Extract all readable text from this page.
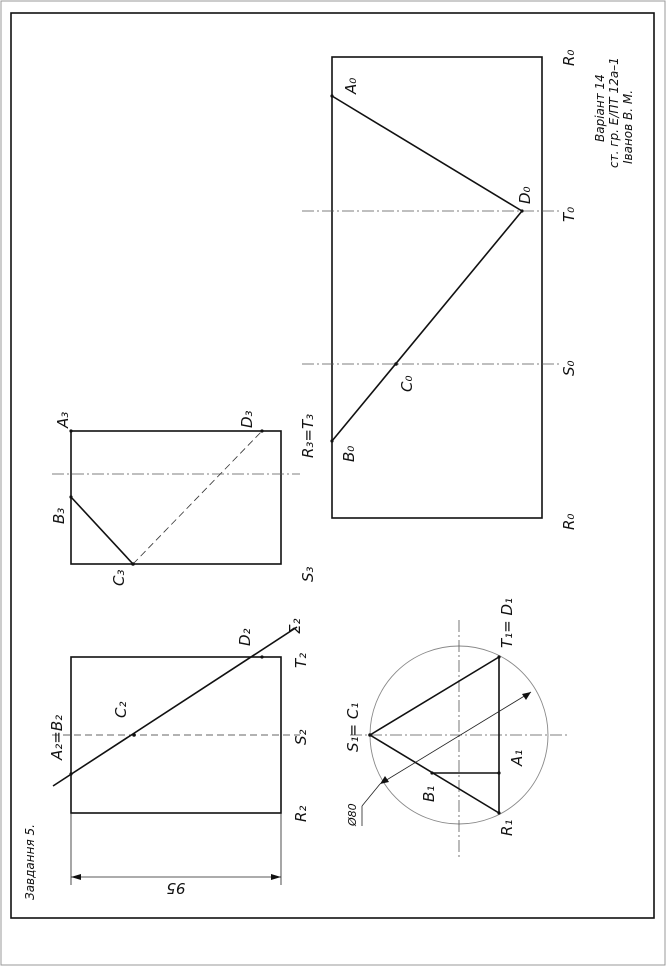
A₀
D₀
C₀
B₀
R₀
T₀
S₀
R₀
Варіант 14 ст. гр. Е/ПТ 12а–1 Іванов В. М.
A₃
B₃
C₃
D₃	R₃=T₃
S₃
95
A₂=B₂
C₂
D₂
Σ₂
T₂
S₂
R₂	Ø80
S₁= C₁
T₁= D₁
A₁
B₁
R₁
Завдання 5.
